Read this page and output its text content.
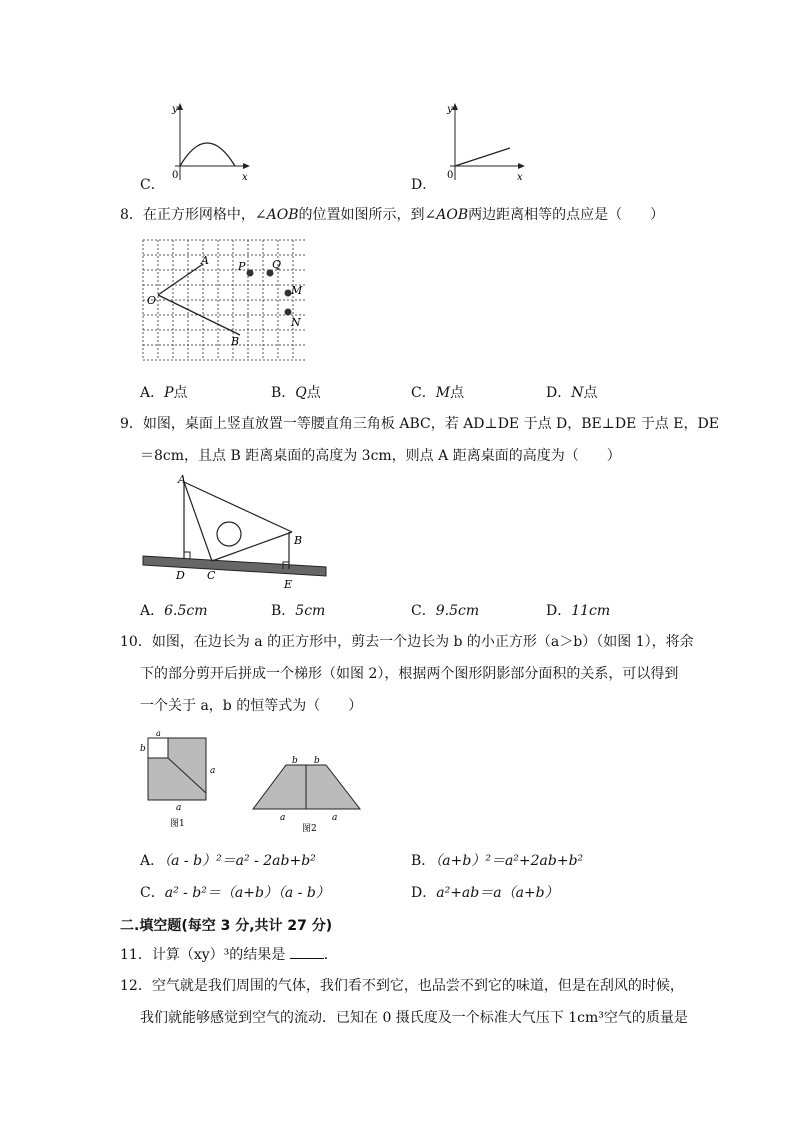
C．
y
x
0
D．
y
x
0
8．在正方形网格中，∠AOB的位置如图所示，到∠AOB两边距离相等的点应是（　　）
A
O
B
P Q
M
N
A．P点	B．Q点	C．M点	D．N点
9．如图，桌面上竖直放置一等腰直角三角板 ABC，若 AD⊥DE 于点 D，BE⊥DE 于点 E，DE
＝8cm，且点 B 距离桌面的高度为 3cm，则点 A 距离桌面的高度为（　　）
A
B
C
D
E
A．6.5cm	B．5cm	C．9.5cm	D．11cm
10．如图，在边长为 a 的正方形中，剪去一个边长为 b 的小正方形（a＞b）（如图 1），将余
下的部分剪开后拼成一个梯形（如图 2），根据两个图形阴影部分面积的关系，可以得到
一个关于 a，b 的恒等式为（　　）
a
b
a
a
图1
b b
a	a
图2
A．（a - b）²＝a² - 2ab+b²	B．（a+b）²＝a²+2ab+b²
C．a² - b²＝（a+b）（a - b）	D．a²+ab＝a（a+b）
二.填空题(每空 3 分,共计 27 分)
11．计算（xy）³的结果是	．
12．空气就是我们周围的气体，我们看不到它，也品尝不到它的味道，但是在刮风的时候，
我们就能够感觉到空气的流动．已知在 0 摄氏度及一个标准大气压下 1cm³空气的质量是
